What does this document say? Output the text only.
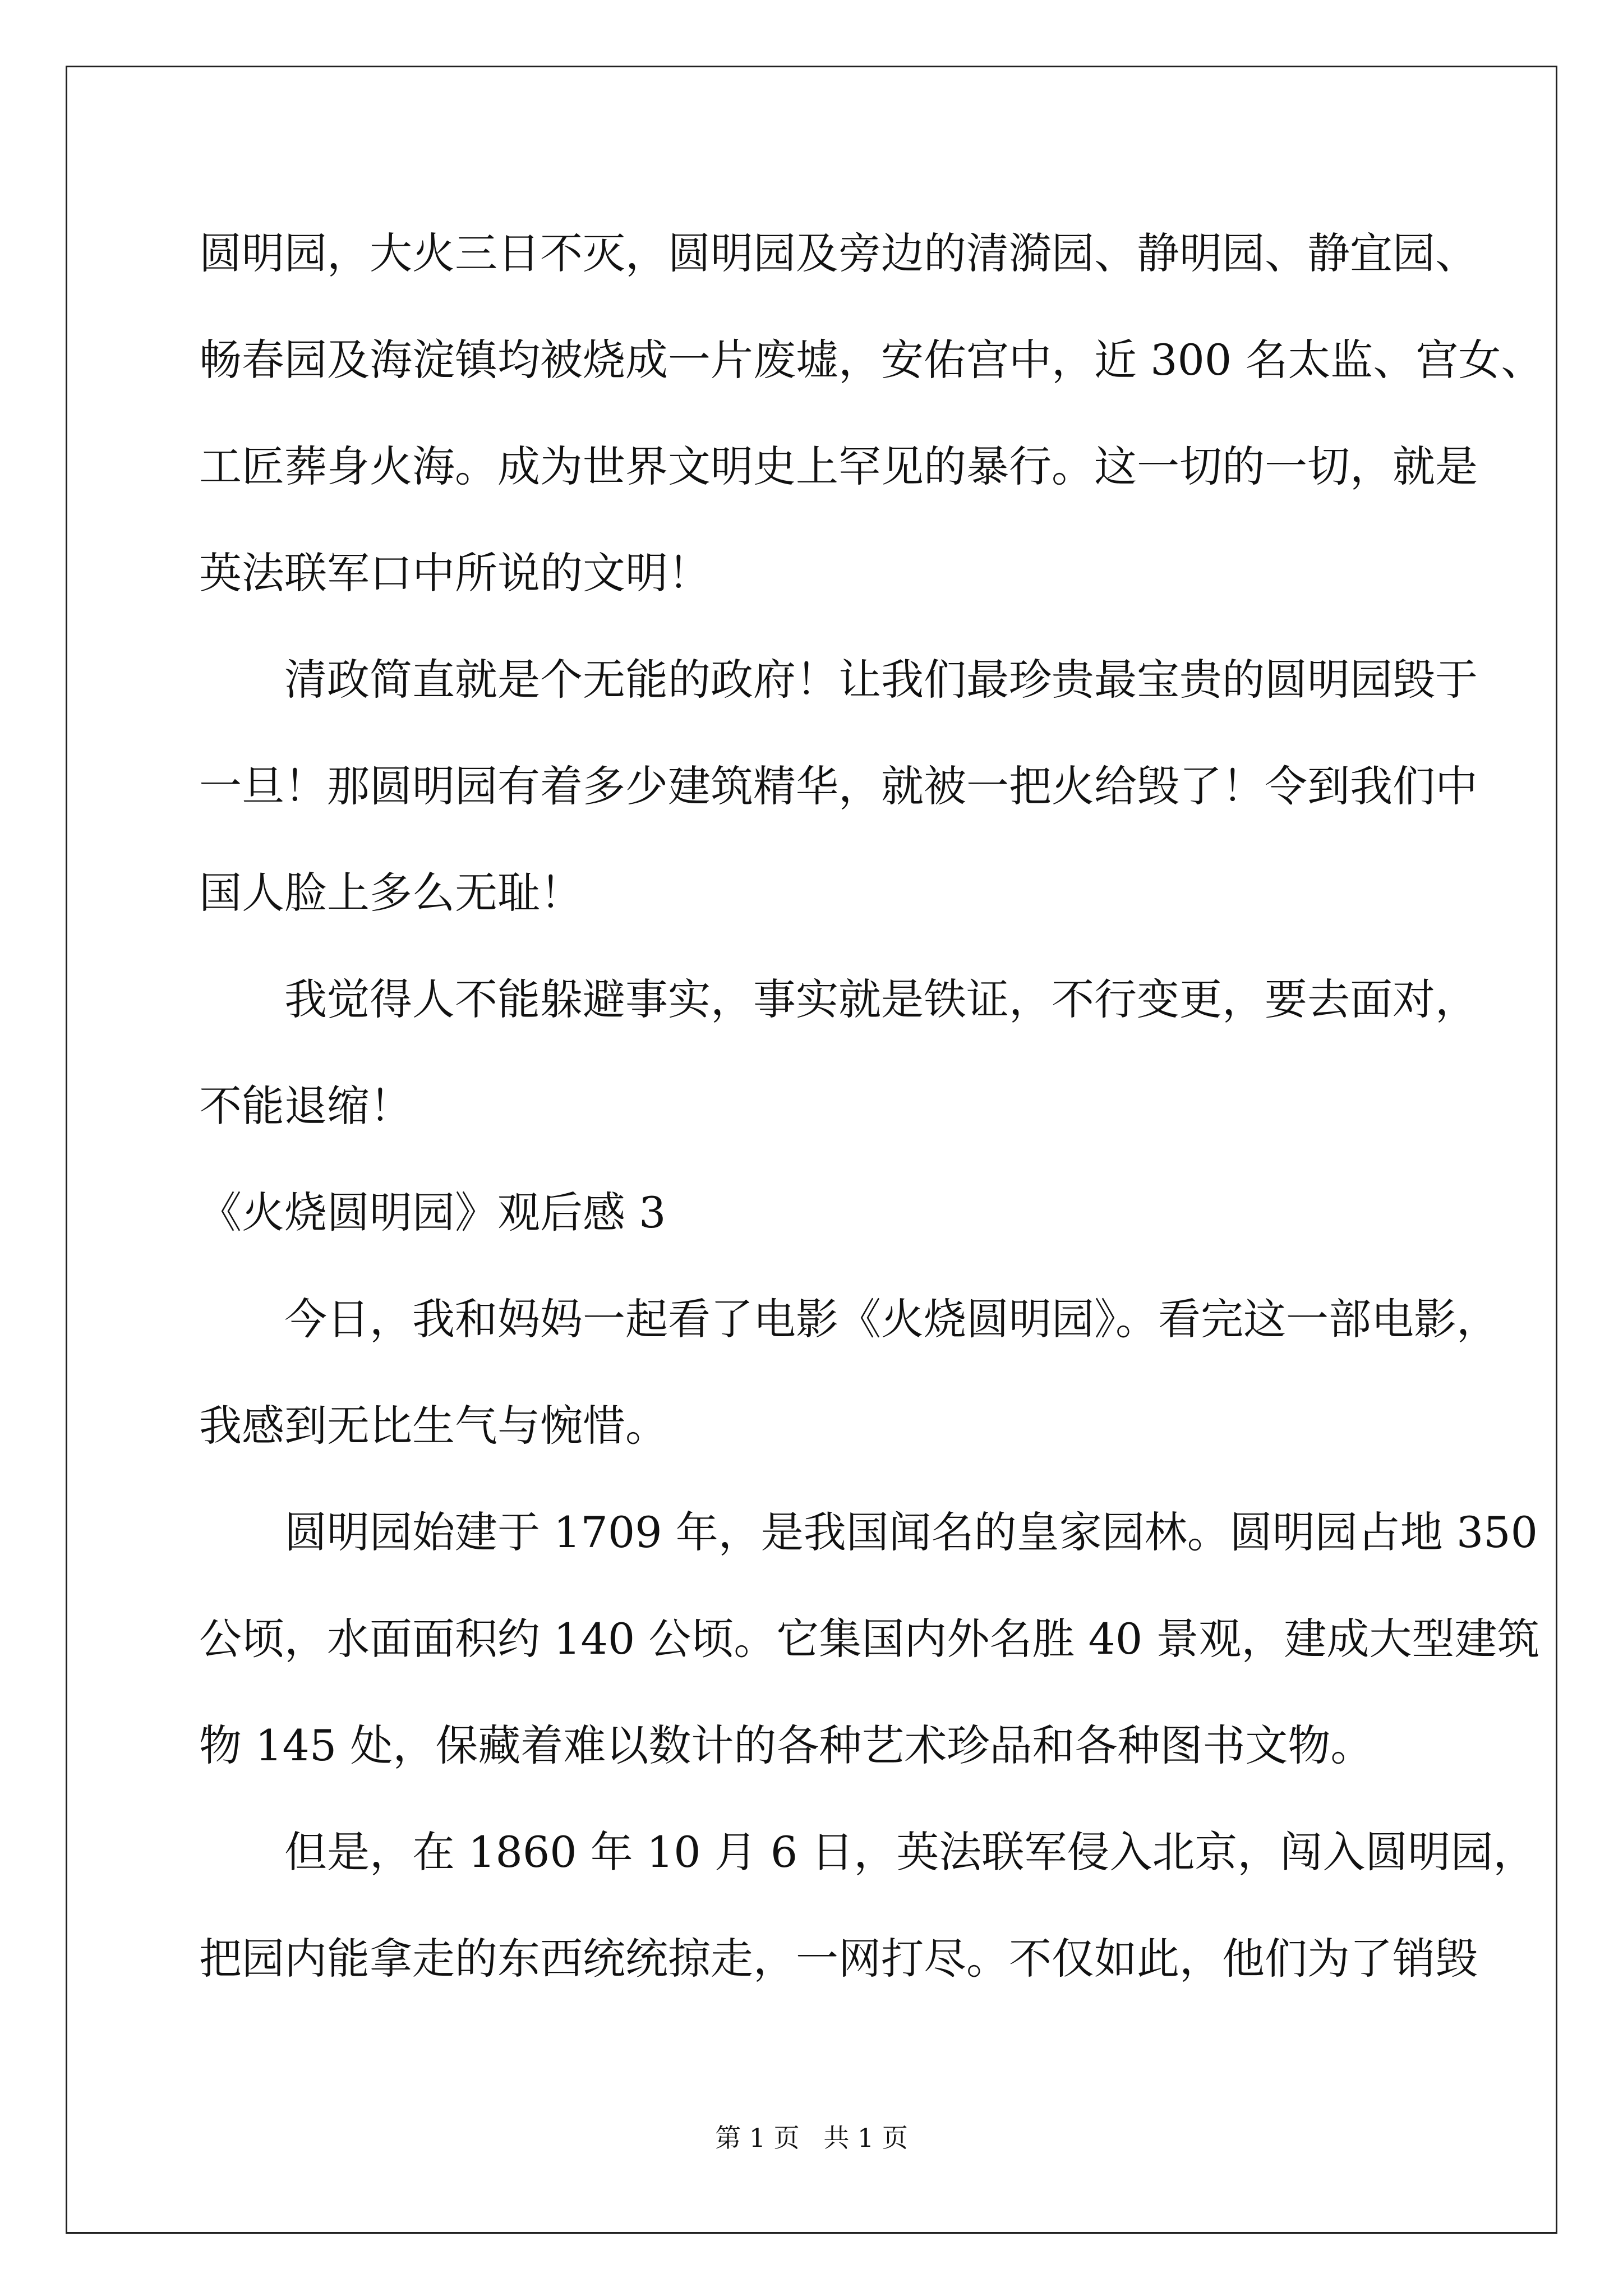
圆明园，大火三日不灭，圆明园及旁边的清漪园、静明园、静宜园、
畅春园及海淀镇均被烧成一片废墟，安佑宫中，近 300 名太监、宫女、
工匠葬身火海。成为世界文明史上罕见的暴行。这一切的一切，就是
英法联军口中所说的文明！
清政简直就是个无能的政府！让我们最珍贵最宝贵的圆明园毁于
一旦！那圆明园有着多少建筑精华，就被一把火给毁了！令到我们中
国人脸上多么无耻！
我觉得人不能躲避事实，事实就是铁证，不行变更，要去面对，
不能退缩！
《火烧圆明园》观后感 3
今日，我和妈妈一起看了电影《火烧圆明园》。看完这一部电影，
我感到无比生气与惋惜。
圆明园始建于 1709 年，是我国闻名的皇家园林。圆明园占地 350
公顷，水面面积约 140 公顷。它集国内外名胜 40 景观，建成大型建筑
物 145 处，保藏着难以数计的各种艺术珍品和各种图书文物。
但是，在 1860 年 10 月 6 日，英法联军侵入北京，闯入圆明园，
把园内能拿走的东西统统掠走，一网打尽。不仅如此，他们为了销毁
第 1 页 共 1 页
